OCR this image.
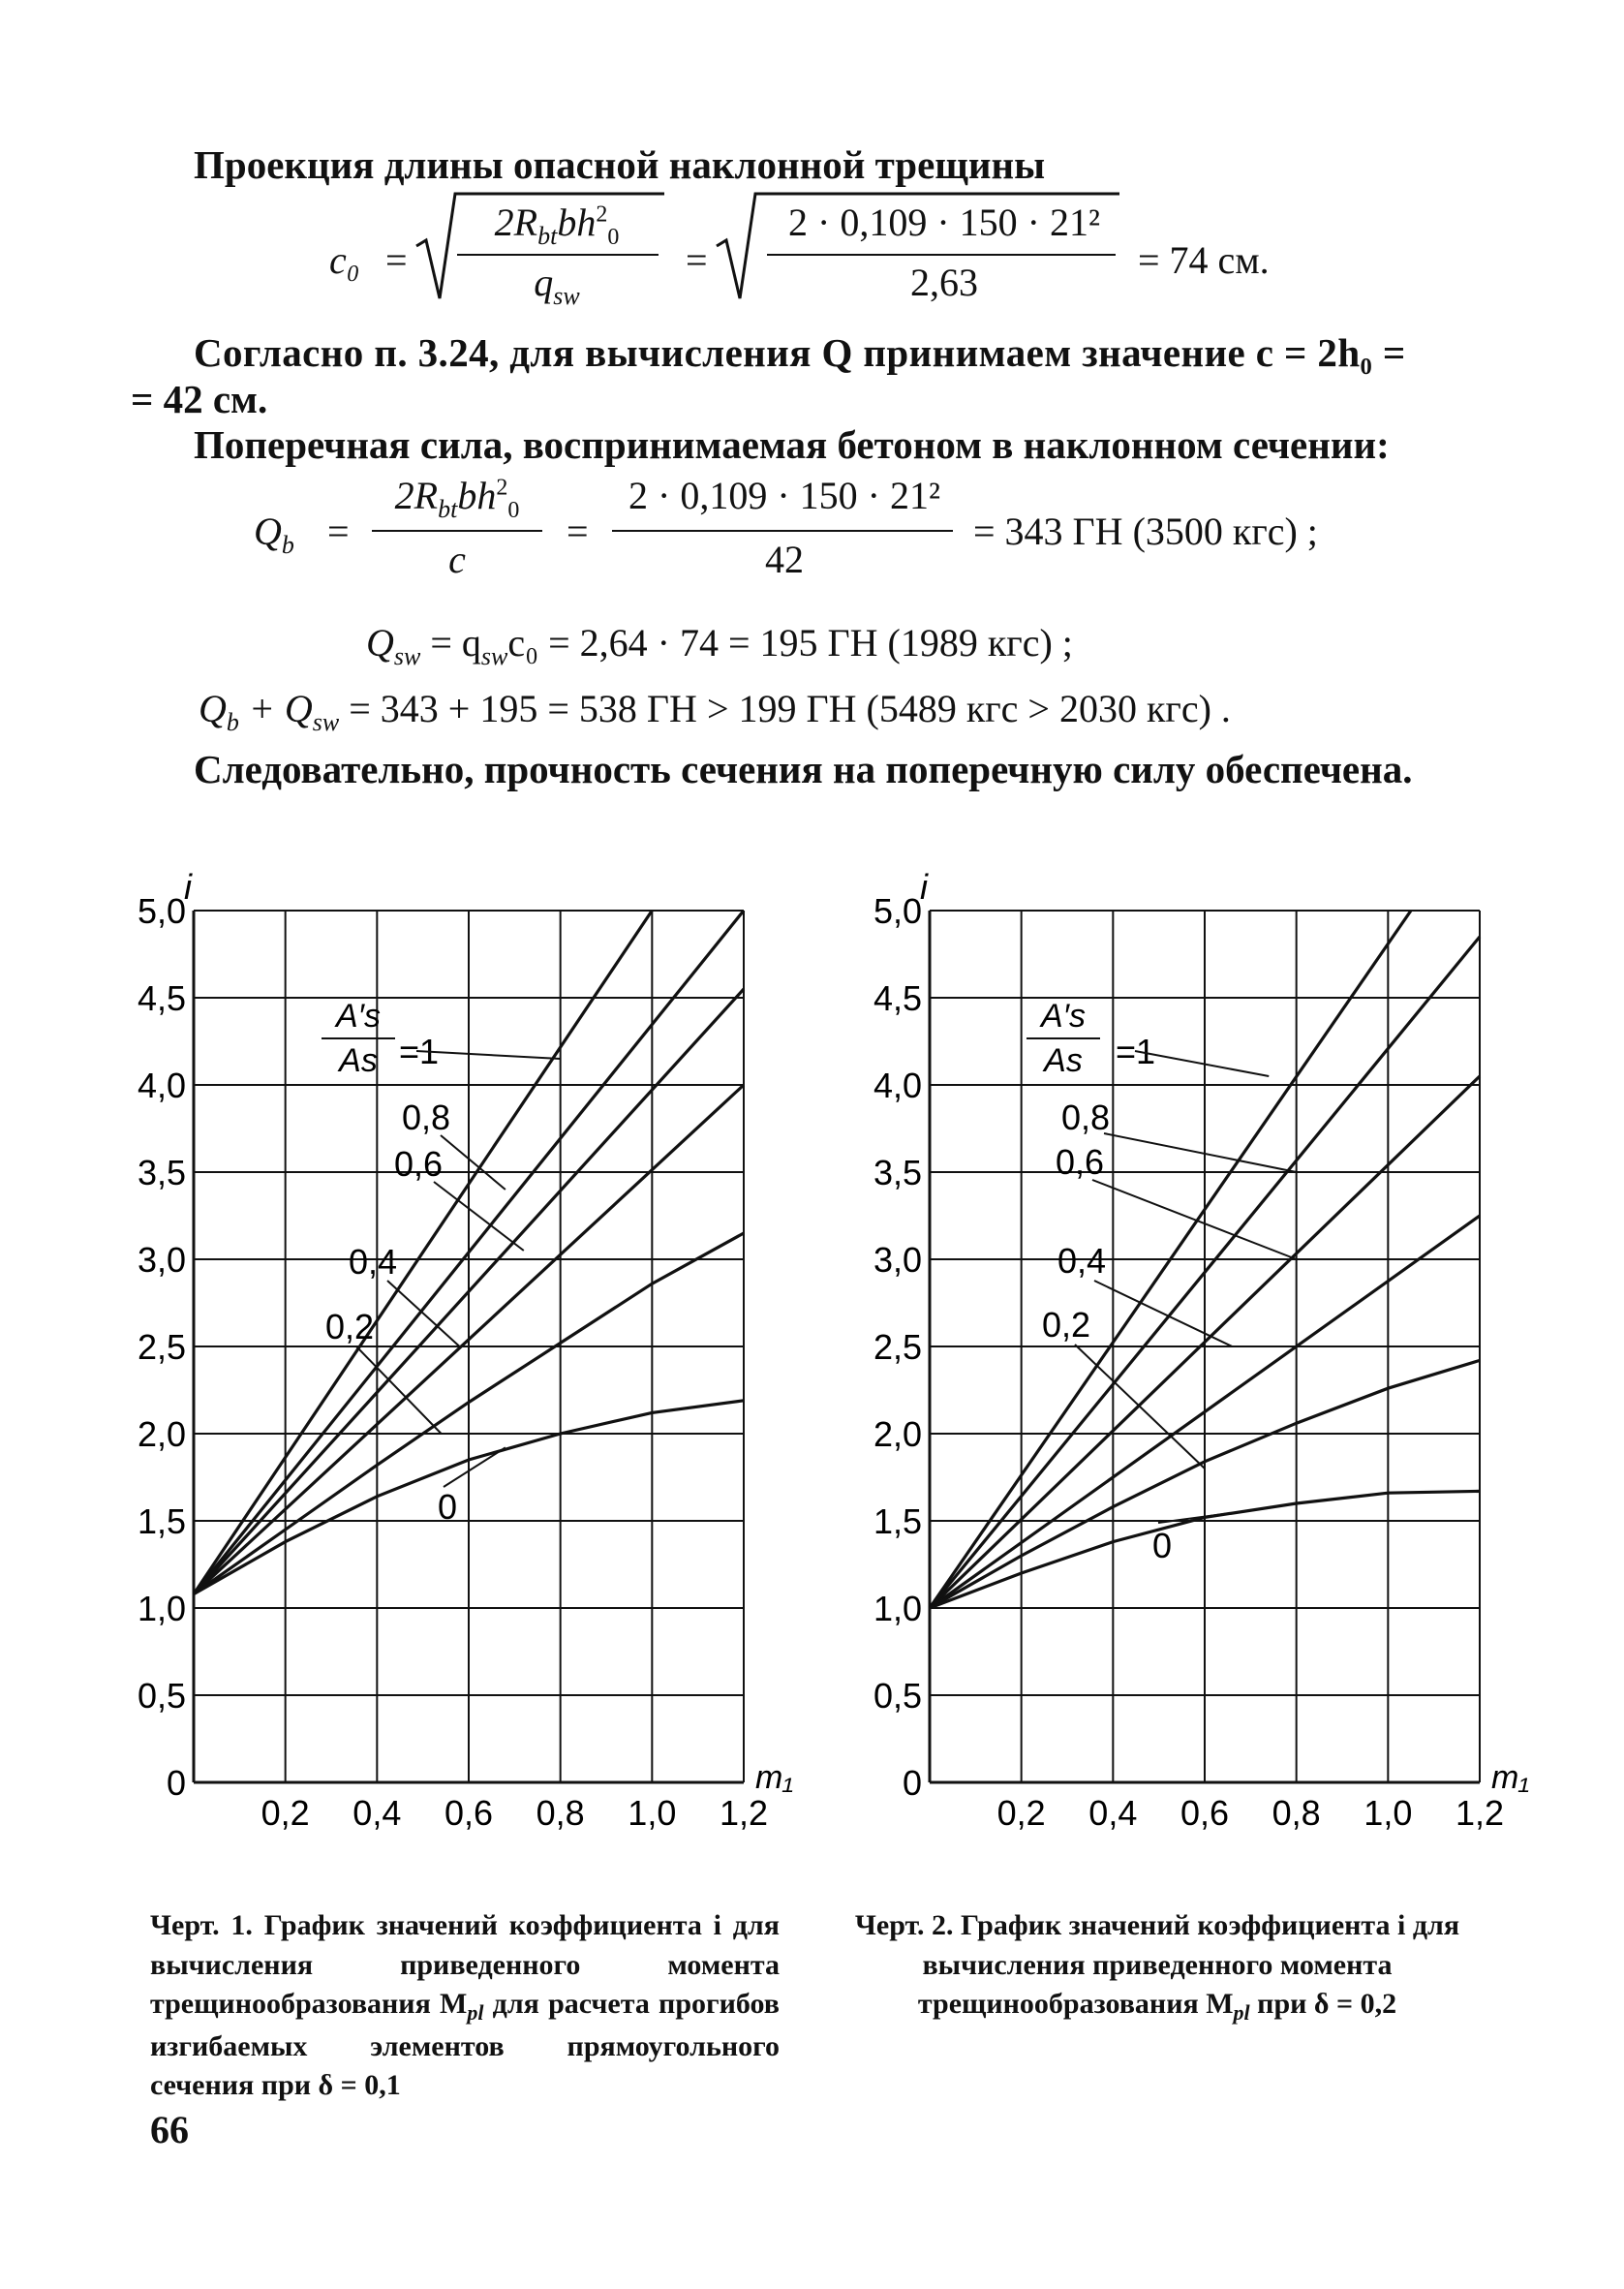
Проекция длины опасной наклонной трещины
c₀ =
$2R_{bt}bh^2_0$
$q_{sw}$
=
2 · 0,109 · 150 · 21²
2,63
= 74 см.
Согласно п. 3.24, для вычисления Q принимаем значение c = 2h₀ =
= 42 см.
Поперечная сила, воспринимаемая бетоном в наклонном сечении:
$Q_b$ =
$2R_{bt}bh^2_0$
c
=
2 · 0,109 · 150 · 21²
42
= 343 ГН (3500 кгс) ;
$Q_{sw} = q_{sw}c_0 = 2,64 \cdot 74 = 195$ ГН (1989 кгс) ;
$Q_b + Q_{sw} = 343 + 195 = 538$ ГН > 199 ГН (5489 кгс > 2030 кгс) .
Следовательно, прочность сечения на поперечную силу обеспечена.
0
0,5
1,0
1,5
2,0
2,5
3,0
3,5
4,0
4,5
5,0
0,2 0,4 0,6 0,8 1,0 1,2
i
m₁
A′s
As =1
0,8
0,6
0,4
0,2
0
0
0,5
1,0
1,5
2,0
2,5
3,0
3,5
4,0
4,5
5,0
0,2 0,4 0,6 0,8 1,0 1,2
i
m₁
A′s
As =1
0,8
0,6
0,4
0,2
0
Черт. 1. График значений коэффициента i для вычисления приведенного момента трещинообразования $M_{pl}$ для расчета прогибов изгибаемых элементов прямоугольного сечения при δ = 0,1
Черт. 2. График значений коэффициента i для вычисления приведенного момента трещинообразования $M_{pl}$ при δ = 0,2
66
